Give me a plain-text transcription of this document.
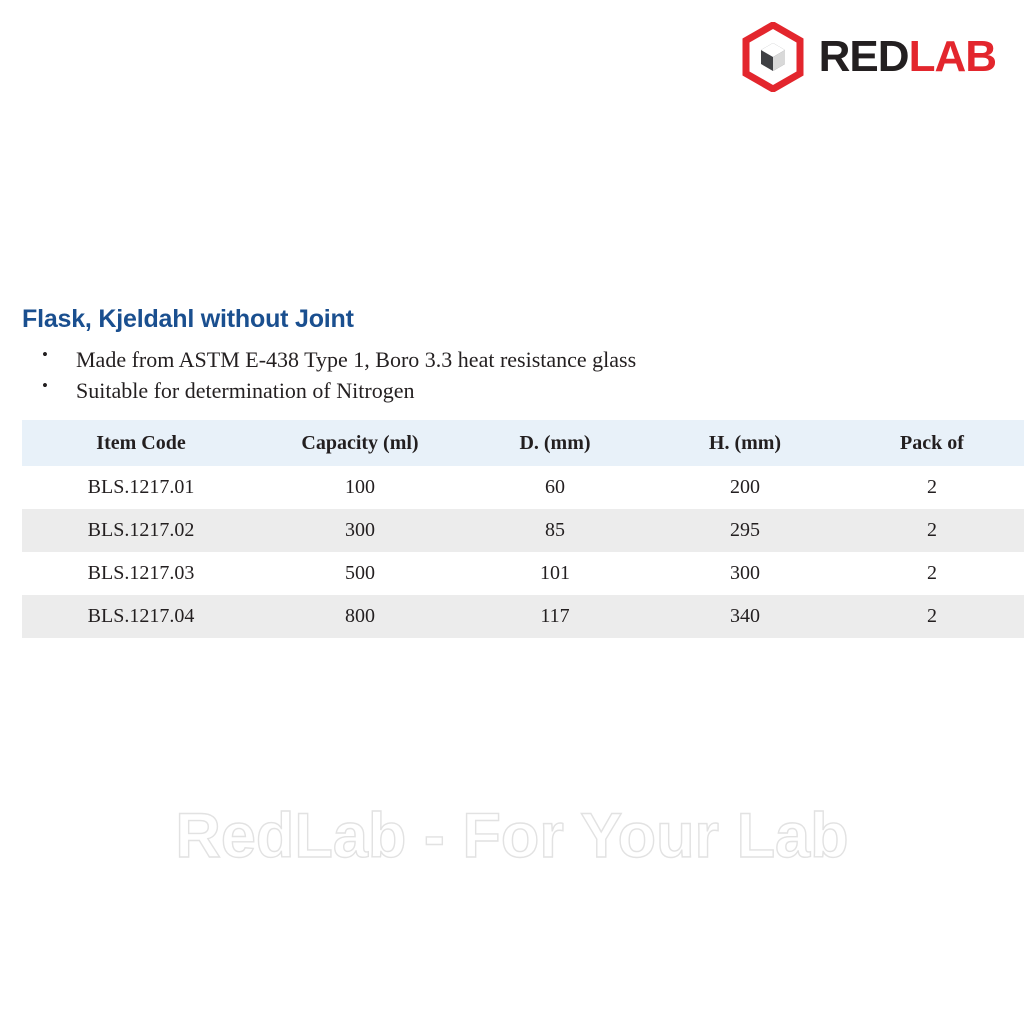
RED LAB
Flask, Kjeldahl without Joint
• Made from ASTM E-438 Type 1, Boro 3.3 heat resistance glass
• Suitable for determination of Nitrogen
Item Code	Capacity (ml)	D. (mm)	H. (mm)	Pack of
BLS.1217.01	100	60	200	2
BLS.1217.02	300	85	295	2
BLS.1217.03	500	101	300	2
BLS.1217.04	800	117	340	2
RedLab - For Your Lab
